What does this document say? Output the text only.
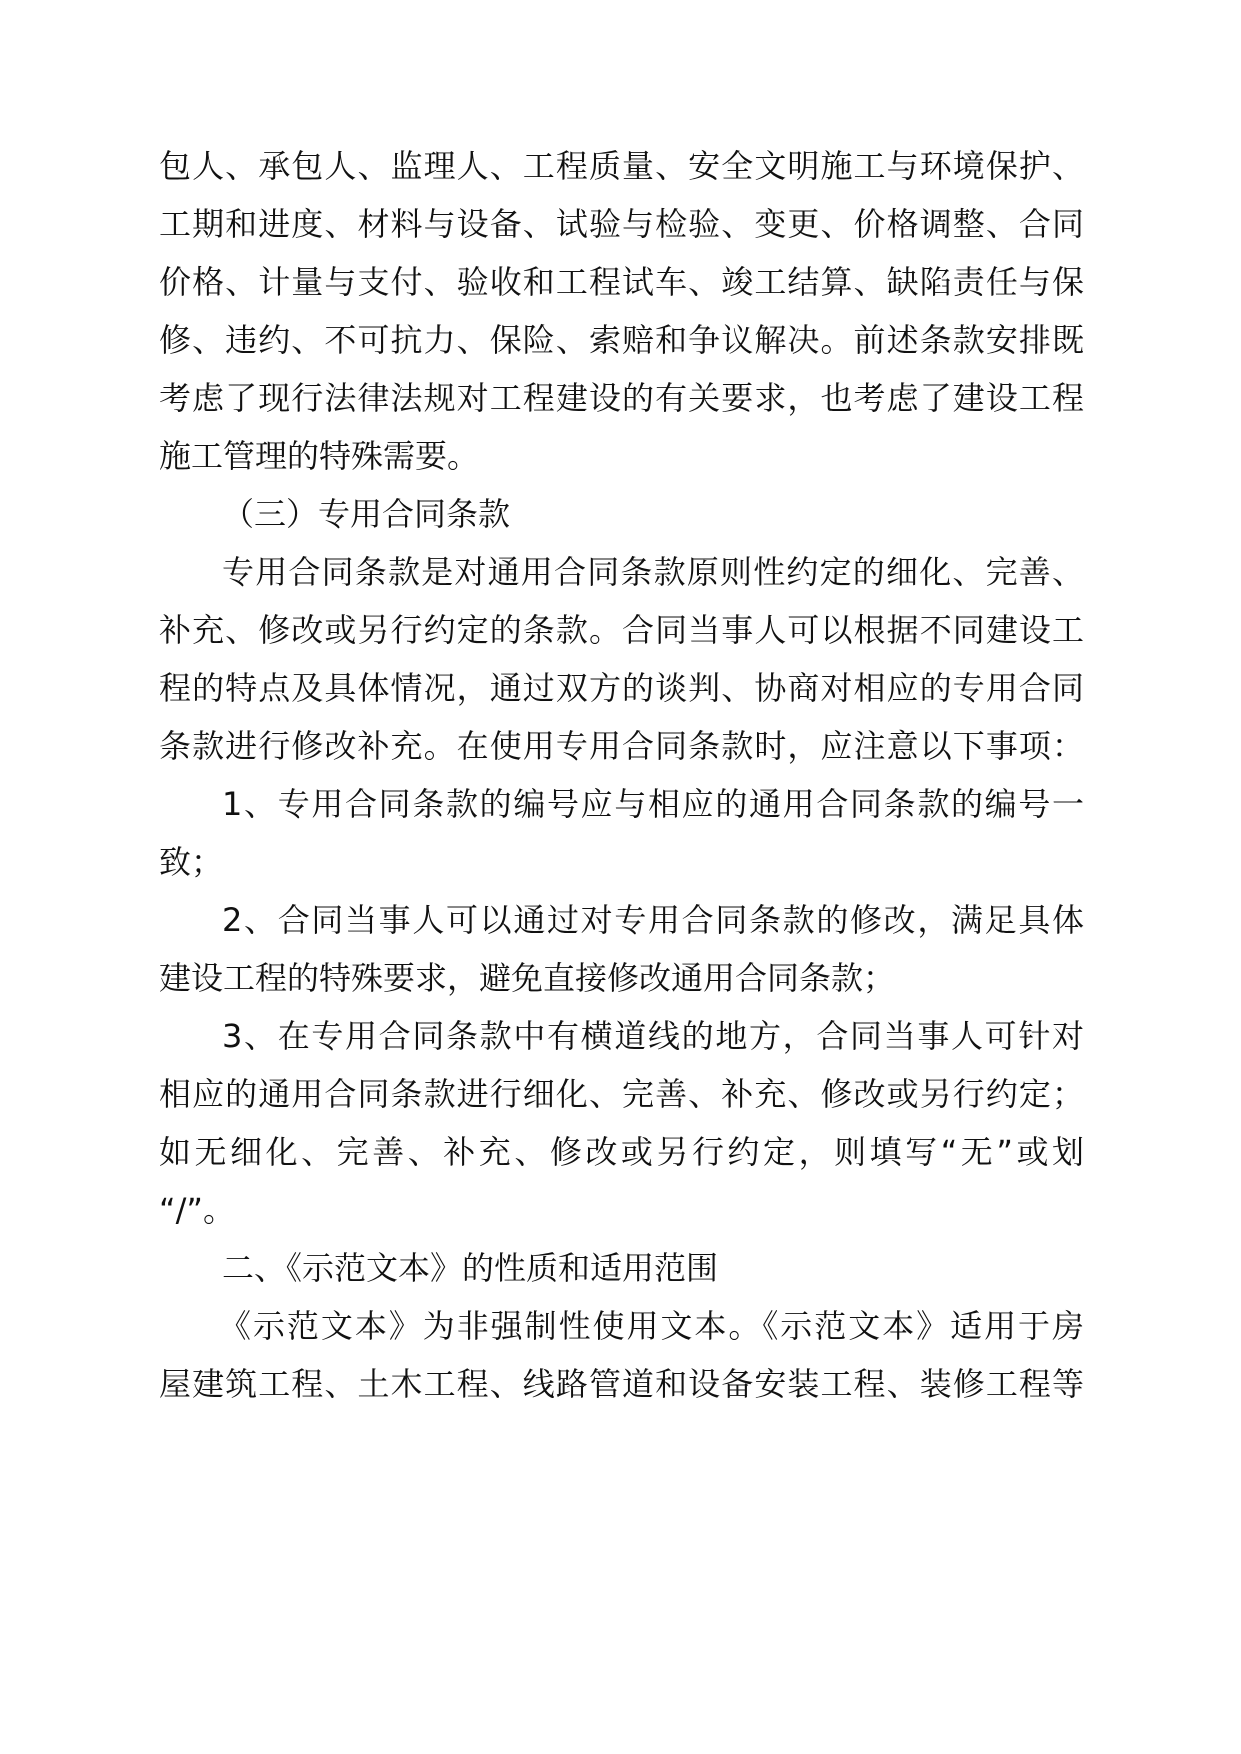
包人、承包人、监理人、工程质量、安全文明施工与环境保护、
工期和进度、材料与设备、试验与检验、变更、价格调整、合同
价格、计量与支付、验收和工程试车、竣工结算、缺陷责任与保
修、违约、不可抗力、保险、索赔和争议解决。前述条款安排既
考虑了现行法律法规对工程建设的有关要求，也考虑了建设工程
施工管理的特殊需要。
（三）专用合同条款
专用合同条款是对通用合同条款原则性约定的细化、完善、
补充、修改或另行约定的条款。合同当事人可以根据不同建设工
程的特点及具体情况，通过双方的谈判、协商对相应的专用合同
条款进行修改补充。在使用专用合同条款时，应注意以下事项：
1、专用合同条款的编号应与相应的通用合同条款的编号一
致；
2、合同当事人可以通过对专用合同条款的修改，满足具体
建设工程的特殊要求，避免直接修改通用合同条款；
3、在专用合同条款中有横道线的地方，合同当事人可针对
相应的通用合同条款进行细化、完善、补充、修改或另行约定；
如无细化、完善、补充、修改或另行约定，则填写“无”或划
“/”。
二、《示范文本》的性质和适用范围
《示范文本》为非强制性使用文本。《示范文本》适用于房
屋建筑工程、土木工程、线路管道和设备安装工程、装修工程等
